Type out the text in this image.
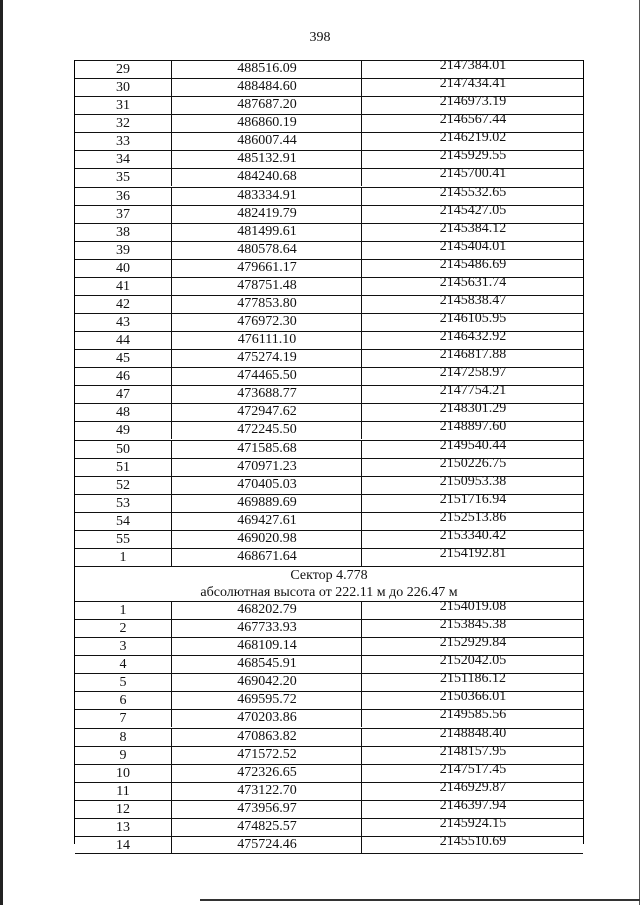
398
29	488516.09	2147384.01
30	488484.60	2147434.41
31	487687.20	2146973.19
32	486860.19	2146567.44
33	486007.44	2146219.02
34	485132.91	2145929.55
35	484240.68	2145700.41
36	483334.91	2145532.65
37	482419.79	2145427.05
38	481499.61	2145384.12
39	480578.64	2145404.01
40	479661.17	2145486.69
41	478751.48	2145631.74
42	477853.80	2145838.47
43	476972.30	2146105.95
44	476111.10	2146432.92
45	475274.19	2146817.88
46	474465.50	2147258.97
47	473688.77	2147754.21
48	472947.62	2148301.29
49	472245.50	2148897.60
50	471585.68	2149540.44
51	470971.23	2150226.75
52	470405.03	2150953.38
53	469889.69	2151716.94
54	469427.61	2152513.86
55	469020.98	2153340.42
1	468671.64	2154192.81
Сектор 4.778
абсолютная высота от 222.11 м до 226.47 м
1	468202.79	2154019.08
2	467733.93	2153845.38
3	468109.14	2152929.84
4	468545.91	2152042.05
5	469042.20	2151186.12
6	469595.72	2150366.01
7	470203.86	2149585.56
8	470863.82	2148848.40
9	471572.52	2148157.95
10	472326.65	2147517.45
11	473122.70	2146929.87
12	473956.97	2146397.94
13	474825.57	2145924.15
14	475724.46	2145510.69
